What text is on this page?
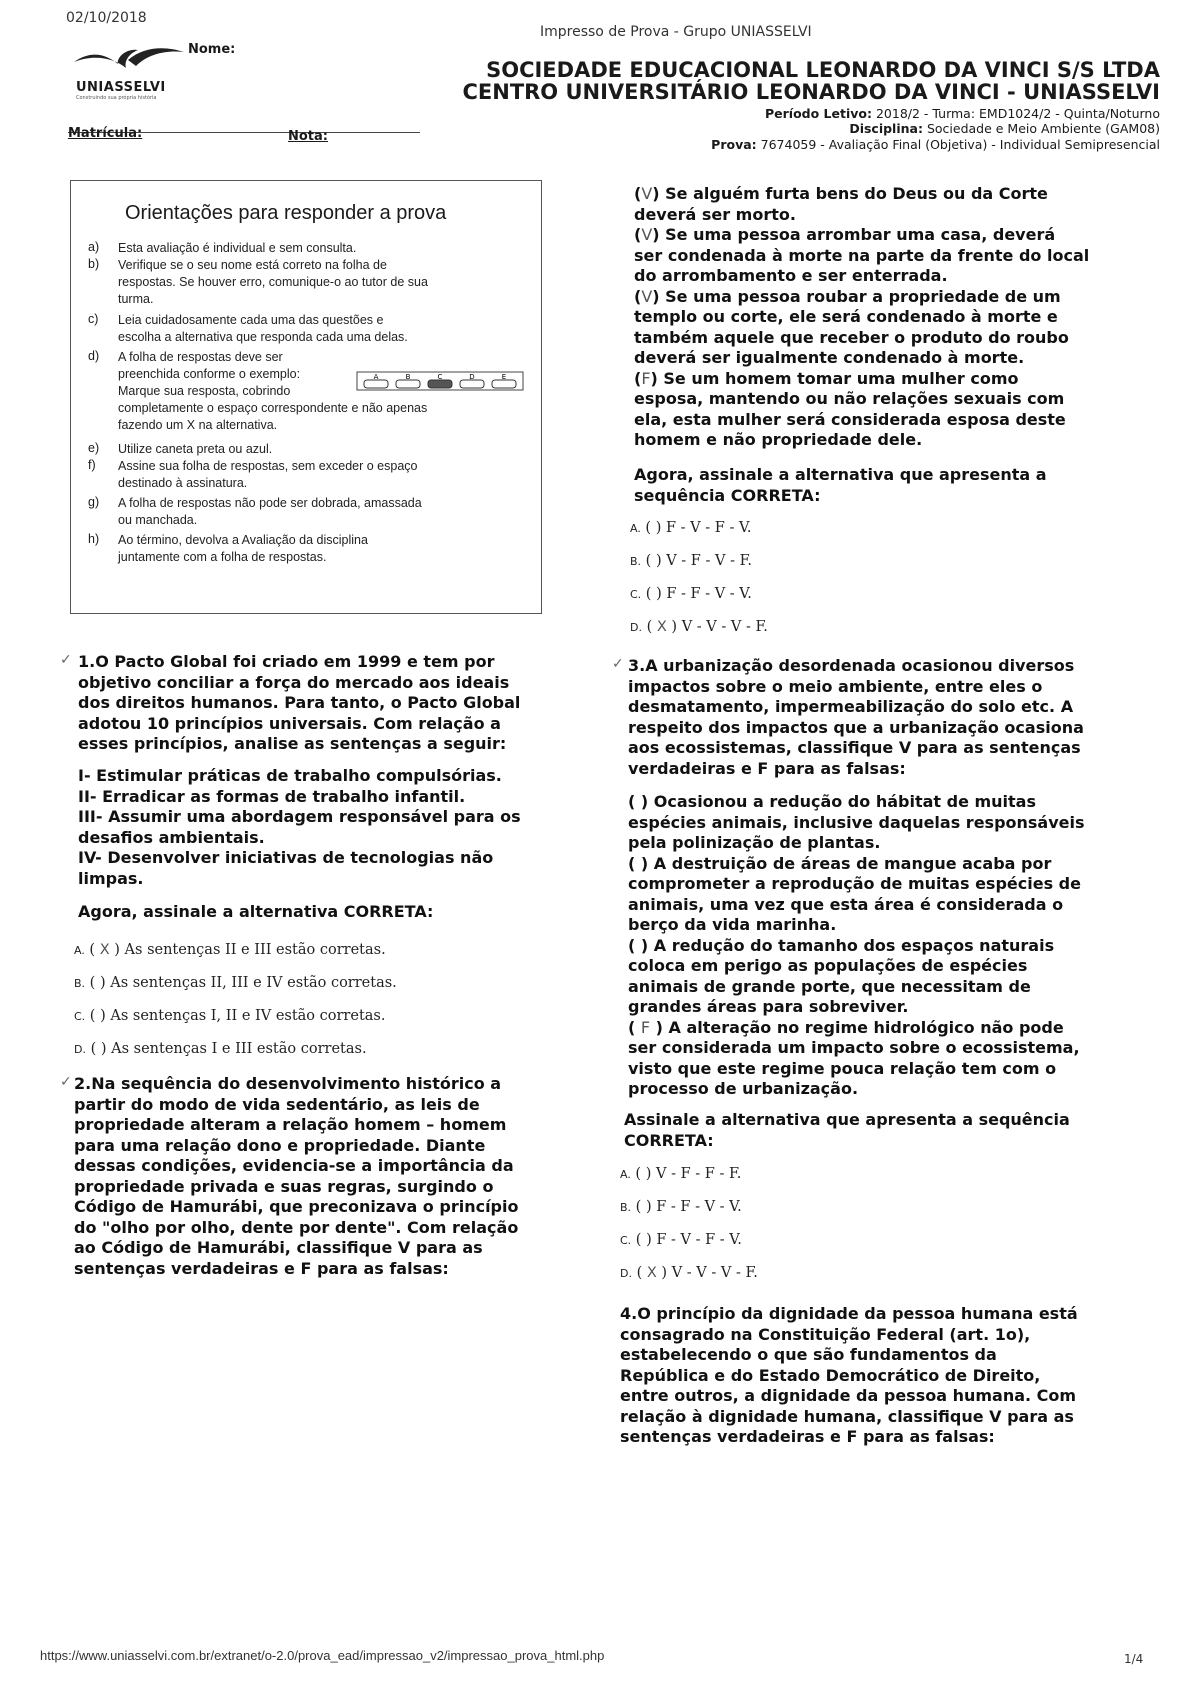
02/10/2018
Impresso de Prova - Grupo UNIASSELVI
UNIASSELVI
Construindo sua própria história
Nome:
SOCIEDADE EDUCACIONAL LEONARDO DA VINCI S/S LTDA
CENTRO UNIVERSITÁRIO LEONARDO DA VINCI - UNIASSELVI
Período Letivo: 2018/2 - Turma: EMD1024/2 - Quinta/Noturno
Disciplina: Sociedade e Meio Ambiente (GAM08)
Prova: 7674059 - Avaliação Final (Objetiva) - Individual Semipresencial
Matrícula:	Nota:
Orientações para responder a prova
a)	Esta avaliação é individual e sem consulta.
b)	Verifique se o seu nome está correto na folha de
respostas. Se houver erro, comunique-o ao tutor de sua
turma.
c)	Leia cuidadosamente cada uma das questões e
escolha a alternativa que responda cada uma delas.
d)	A folha de respostas deve ser
preenchida conforme o exemplo:
Marque sua resposta, cobrindo
completamente o espaço correspondente e não apenas
fazendo um X na alternativa.
A	B	C	D	E
e)	Utilize caneta preta ou azul.
f)	Assine sua folha de respostas, sem exceder o espaço
destinado à assinatura.
g)	A folha de respostas não pode ser dobrada, amassada
ou manchada.
h)	Ao término, devolva a Avaliação da disciplina
juntamente com a folha de respostas.
✓ 1.O Pacto Global foi criado em 1999 e tem por
objetivo conciliar a força do mercado aos ideais
dos direitos humanos. Para tanto, o Pacto Global
adotou 10 princípios universais. Com relação a
esses princípios, analise as sentenças a seguir:
I- Estimular práticas de trabalho compulsórias.
II- Erradicar as formas de trabalho infantil.
III- Assumir uma abordagem responsável para os
desafios ambientais.
IV- Desenvolver iniciativas de tecnologias não
limpas.
Agora, assinale a alternativa CORRETA:
A. ( X ) As sentenças II e III estão corretas.
B. ( ) As sentenças II, III e IV estão corretas.
C. ( ) As sentenças I, II e IV estão corretas.
D. ( ) As sentenças I e III estão corretas.
✓ 2.Na sequência do desenvolvimento histórico a
partir do modo de vida sedentário, as leis de
propriedade alteram a relação homem – homem
para uma relação dono e propriedade. Diante
dessas condições, evidencia-se a importância da
propriedade privada e suas regras, surgindo o
Código de Hamurábi, que preconizava o princípio
do "olho por olho, dente por dente". Com relação
ao Código de Hamurábi, classifique V para as
sentenças verdadeiras e F para as falsas:
(V) Se alguém furta bens do Deus ou da Corte
deverá ser morto.
(V) Se uma pessoa arrombar uma casa, deverá
ser condenada à morte na parte da frente do local
do arrombamento e ser enterrada.
(V) Se uma pessoa roubar a propriedade de um
templo ou corte, ele será condenado à morte e
também aquele que receber o produto do roubo
deverá ser igualmente condenado à morte.
(F) Se um homem tomar uma mulher como
esposa, mantendo ou não relações sexuais com
ela, esta mulher será considerada esposa deste
homem e não propriedade dele.
Agora, assinale a alternativa que apresenta a
sequência CORRETA:
A. ( ) F - V - F - V.
B. ( ) V - F - V - F.
C. ( ) F - F - V - V.
D. ( X ) V - V - V - F.
✓ 3.A urbanização desordenada ocasionou diversos
impactos sobre o meio ambiente, entre eles o
desmatamento, impermeabilização do solo etc. A
respeito dos impactos que a urbanização ocasiona
aos ecossistemas, classifique V para as sentenças
verdadeiras e F para as falsas:
( ) Ocasionou a redução do hábitat de muitas
espécies animais, inclusive daquelas responsáveis
pela polinização de plantas.
( ) A destruição de áreas de mangue acaba por
comprometer a reprodução de muitas espécies de
animais, uma vez que esta área é considerada o
berço da vida marinha.
( ) A redução do tamanho dos espaços naturais
coloca em perigo as populações de espécies
animais de grande porte, que necessitam de
grandes áreas para sobreviver.
( F ) A alteração no regime hidrológico não pode
ser considerada um impacto sobre o ecossistema,
visto que este regime pouca relação tem com o
processo de urbanização.
Assinale a alternativa que apresenta a sequência
CORRETA:
A. ( ) V - F - F - F.
B. ( ) F - F - V - V.
C. ( ) F - V - F - V.
D. ( X ) V - V - V - F.
4.O princípio da dignidade da pessoa humana está
consagrado na Constituição Federal (art. 1o),
estabelecendo o que são fundamentos da
República e do Estado Democrático de Direito,
entre outros, a dignidade da pessoa humana. Com
relação à dignidade humana, classifique V para as
sentenças verdadeiras e F para as falsas:
https://www.uniasselvi.com.br/extranet/o-2.0/prova_ead/impressao_v2/impressao_prova_html.php	1/4
